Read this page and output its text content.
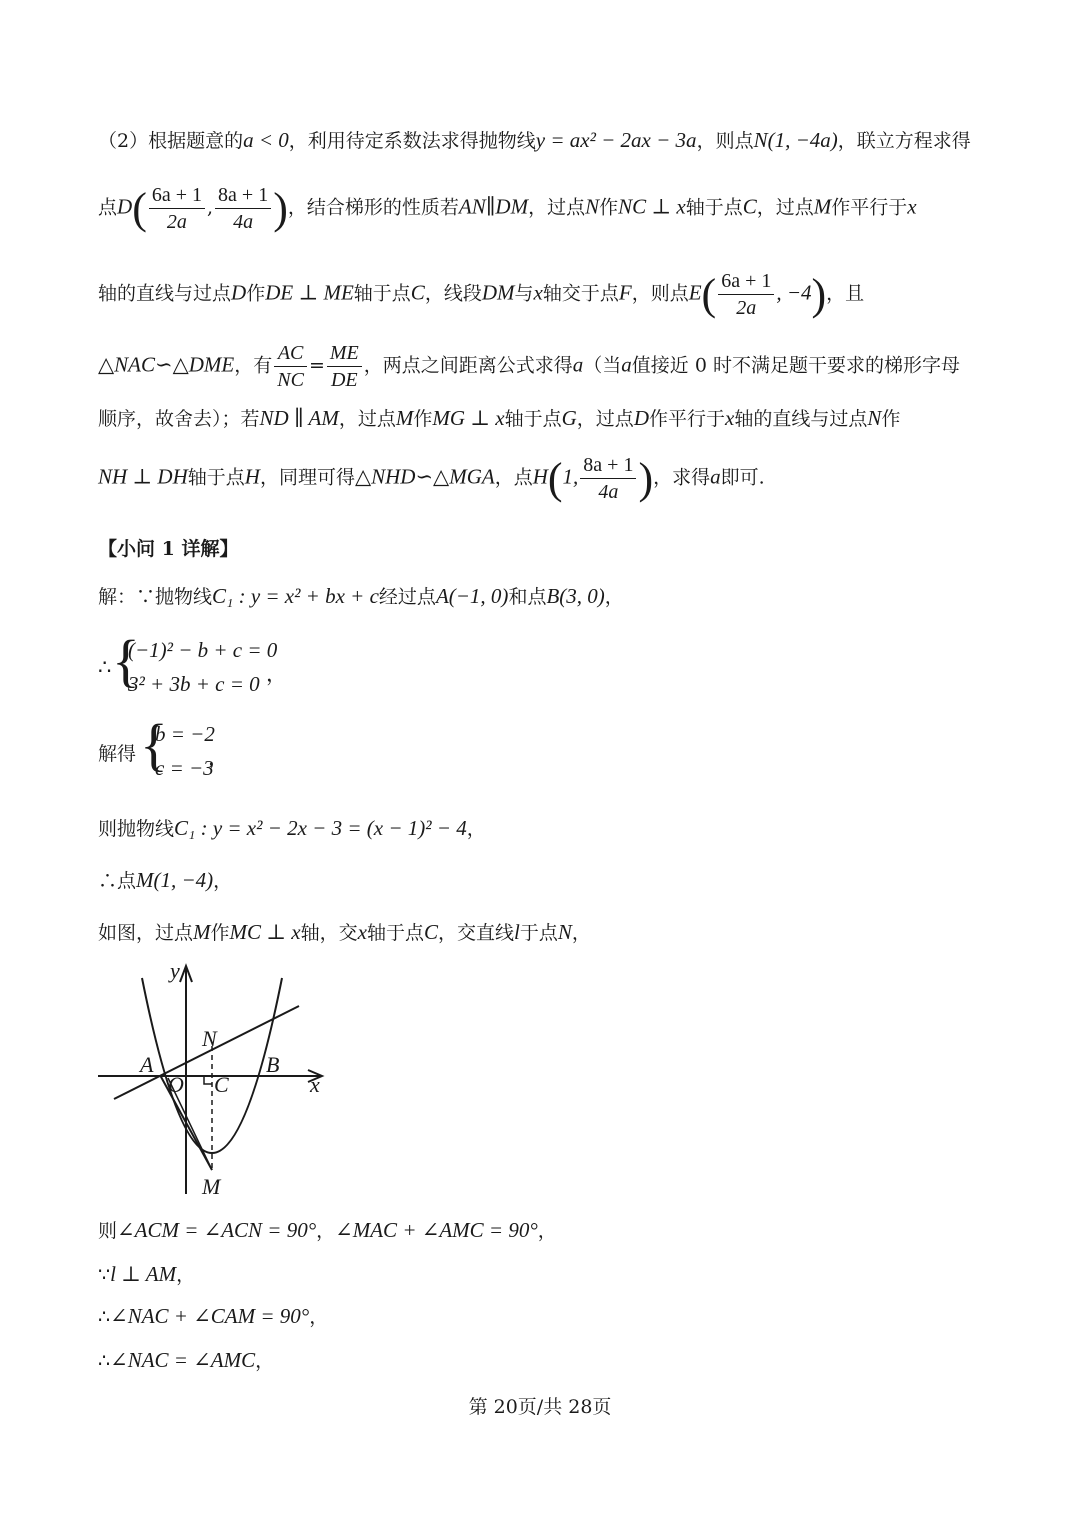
（2）根据题意的a < 0，利用待定系数法求得抛物线y = ax² − 2ax − 3a，则点N(1, −4a)，联立方程求得
点$D( \frac{6a + 1}{2a}$ , $\frac{8a + 1}{4a}$ )，结合梯形的性质若AN∥DM，过点N作NC ⊥ x轴于点C，过点M作平行于x
轴的直线与过点D作DE ⊥ ME轴于点C，线段DM与x轴交于点F，则点$E( \frac{6a + 1}{2a}$ , −4)，且
△NAC∽△DME，有 $\frac{AC}{NC} = \frac{ME}{DE}$ ，两点之间距离公式求得a（当a值接近 0 时不满足题干要求的梯形字母
顺序，故舍去）；若ND ∥ AM，过点M作MG ⊥ x轴于点G，过点D作平行于x轴的直线与过点N作
NH ⊥ DH轴于点H，同理可得△NHD∽△MGA，点H(1, $\frac{8a + 1}{4a}$ )，求得a即可.
【小问 1 详解】
解：∵抛物线C₁ : y = x² + bx + c经过点A(−1, 0)和点B(3, 0)，
∴ {
(−1)² − b + c = 0
3² + 3b + c = 0 ，
解得 {
b = −2
c = −3
，
则抛物线C₁ : y = x² − 2x − 3 = (x − 1)² − 4，
∴点M(1, −4)，
如图，过点M作MC ⊥ x轴，交x轴于点C，交直线l于点N，
y
x
A
O C
B
N
M
则∠ACM = ∠ACN = 90°，∠MAC + ∠AMC = 90°，
∵l ⊥ AM，
∴∠NAC + ∠CAM = 90°，
∴∠NAC = ∠AMC，
第 20页/共 28页
